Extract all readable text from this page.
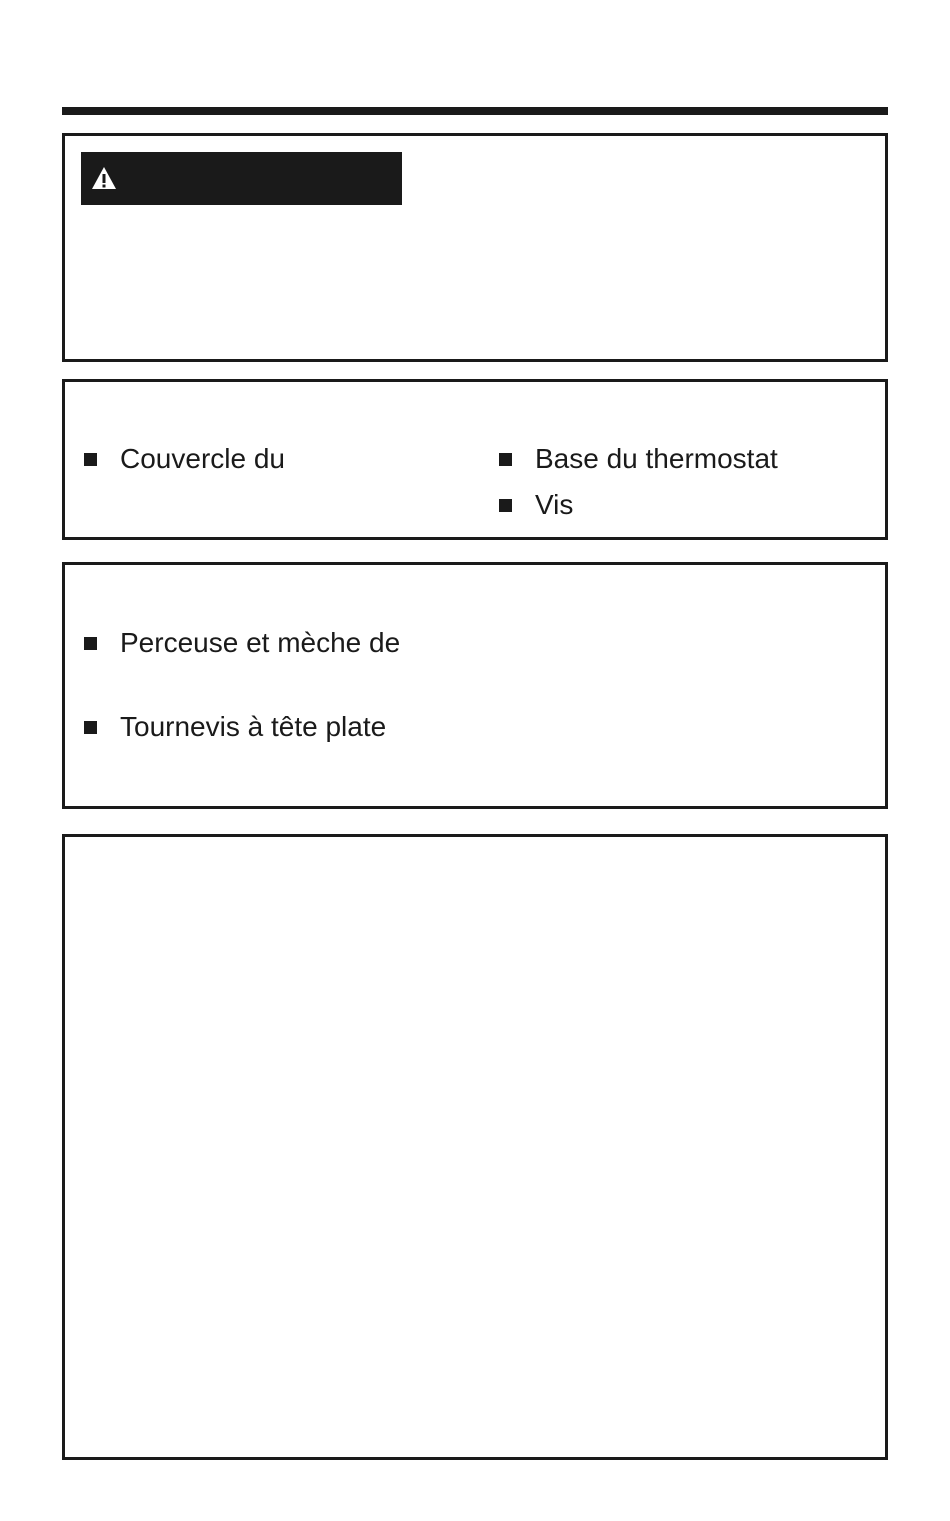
Couvercle du	Base du thermostat
Vis
Perceuse et mèche de
Tournevis à tête plate
